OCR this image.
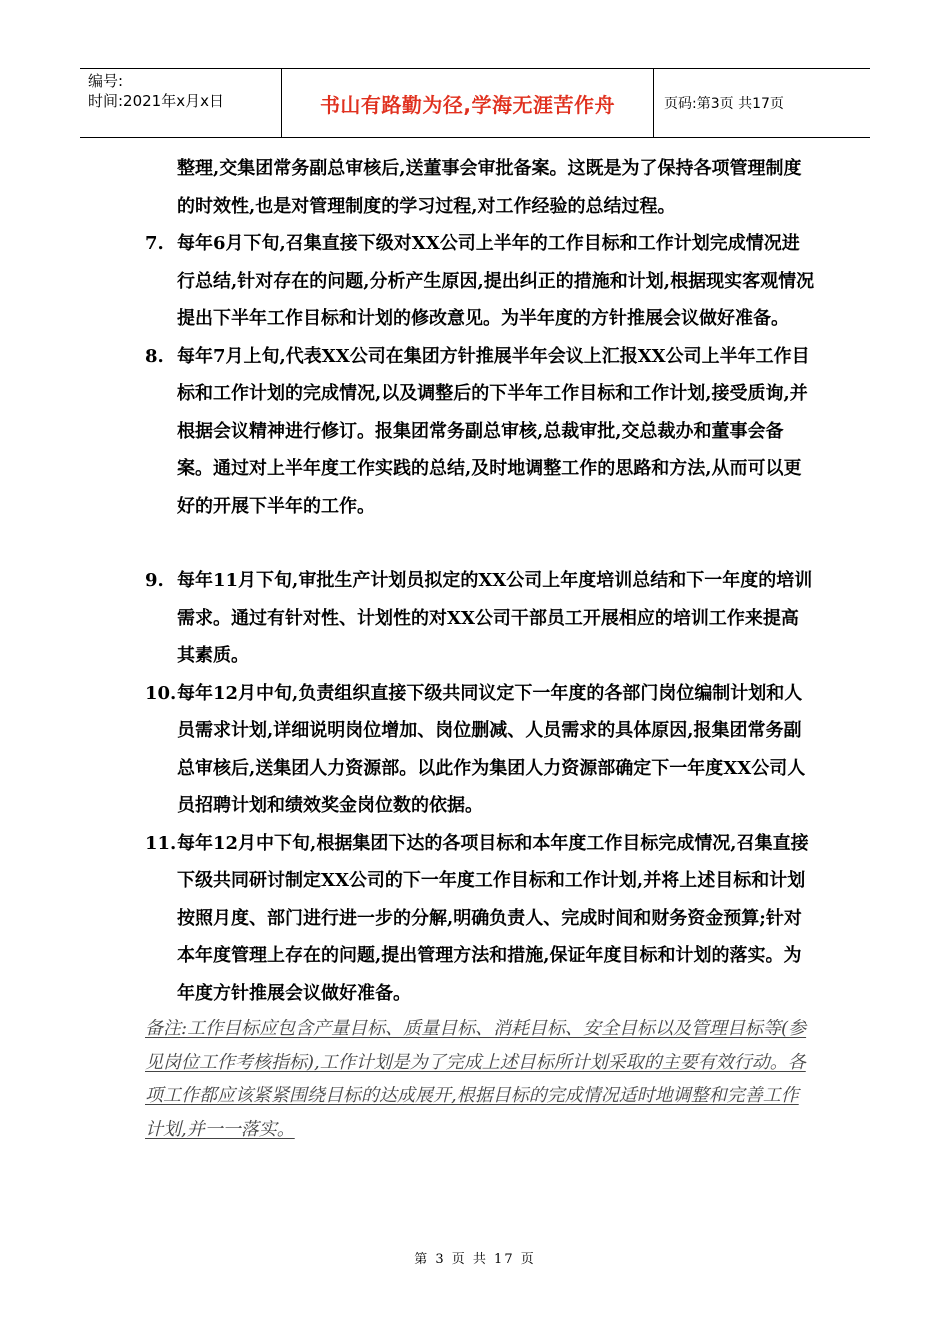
编号:
时间:2021年x月x日	书山有路勤为径,学海无涯苦作舟	页码:第3页 共17页
整理,交集团常务副总审核后,送董事会审批备案。这既是为了保持各项管理制度的时效性,也是对管理制度的学习过程,对工作经验的总结过程。
7. 每年6月下旬,召集直接下级对XX公司上半年的工作目标和工作计划完成情况进行总结,针对存在的问题,分析产生原因,提出纠正的措施和计划,根据现实客观情况提出下半年工作目标和计划的修改意见。为半年度的方针推展会议做好准备。
8. 每年7月上旬,代表XX公司在集团方针推展半年会议上汇报XX公司上半年工作目标和工作计划的完成情况,以及调整后的下半年工作目标和工作计划,接受质询,并根据会议精神进行修订。报集团常务副总审核,总裁审批,交总裁办和董事会备案。通过对上半年度工作实践的总结,及时地调整工作的思路和方法,从而可以更好的开展下半年的工作。
9. 每年11月下旬,审批生产计划员拟定的XX公司上年度培训总结和下一年度的培训需求。通过有针对性、计划性的对XX公司干部员工开展相应的培训工作来提高其素质。
10. 每年12月中旬,负责组织直接下级共同议定下一年度的各部门岗位编制计划和人员需求计划,详细说明岗位增加、岗位删减、人员需求的具体原因,报集团常务副总审核后,送集团人力资源部。以此作为集团人力资源部确定下一年度XX公司人员招聘计划和绩效奖金岗位数的依据。
11. 每年12月中下旬,根据集团下达的各项目标和本年度工作目标完成情况,召集直接下级共同研讨制定XX公司的下一年度工作目标和工作计划,并将上述目标和计划按照月度、部门进行进一步的分解,明确负责人、完成时间和财务资金预算;针对本年度管理上存在的问题,提出管理方法和措施,保证年度目标和计划的落实。为年度方针推展会议做好准备。
备注:工作目标应包含产量目标、质量目标、消耗目标、安全目标以及管理目标等(参见岗位工作考核指标),工作计划是为了完成上述目标所计划采取的主要有效行动。各项工作都应该紧紧围绕目标的达成展开,根据目标的完成情况适时地调整和完善工作计划,并一一落实。
第 3 页 共 17 页
